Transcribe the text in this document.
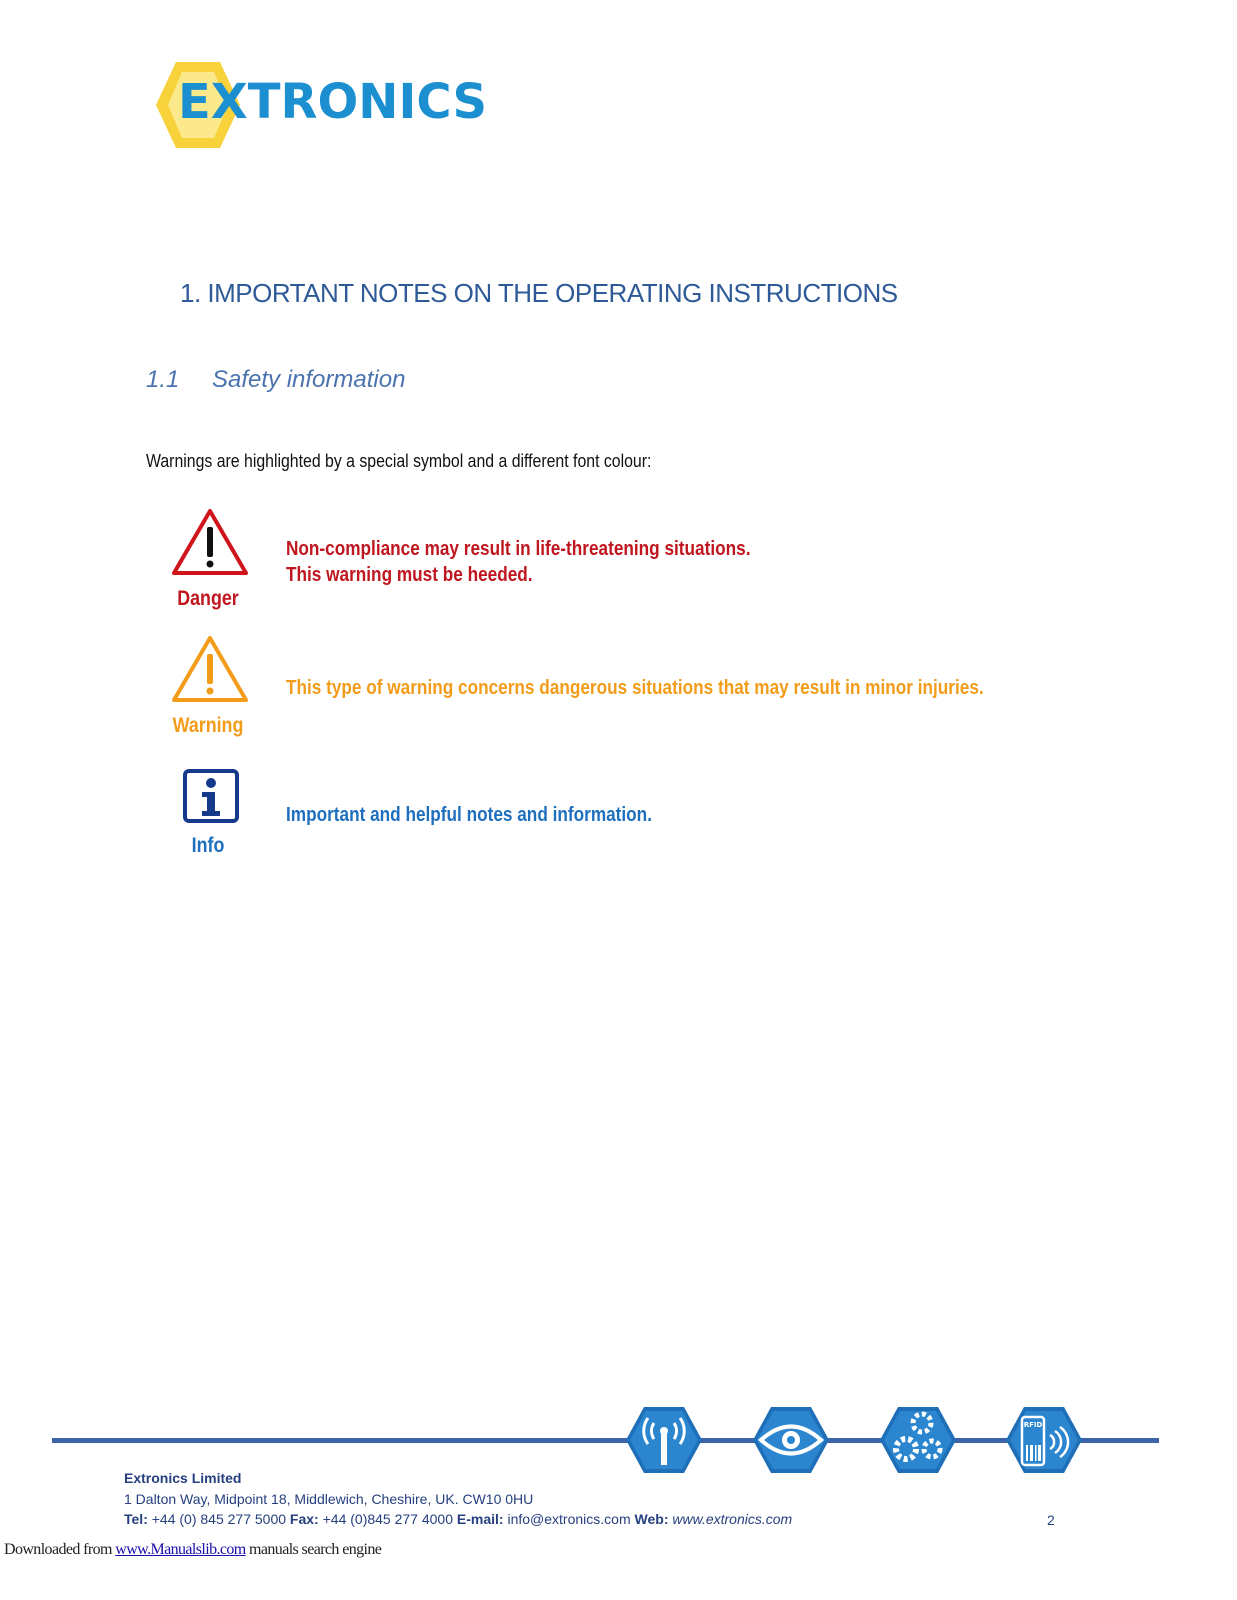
EXTRONICS
1. IMPORTANT NOTES ON THE OPERATING INSTRUCTIONS
1.1 Safety information
Warnings are highlighted by a special symbol and a different font colour:
Danger
Non-compliance may result in life-threatening situations.
This warning must be heeded.
Warning
This type of warning concerns dangerous situations that may result in minor injuries.
Info
Important and helpful notes and information.
RFID
Extronics Limited
1 Dalton Way, Midpoint 18, Middlewich, Cheshire, UK. CW10 0HU
Tel: +44 (0) 845 277 5000 Fax: +44 (0)845 277 4000 E-mail: info@extronics.com Web: www.extronics.com	2
Downloaded from www.Manualslib.com manuals search engine
